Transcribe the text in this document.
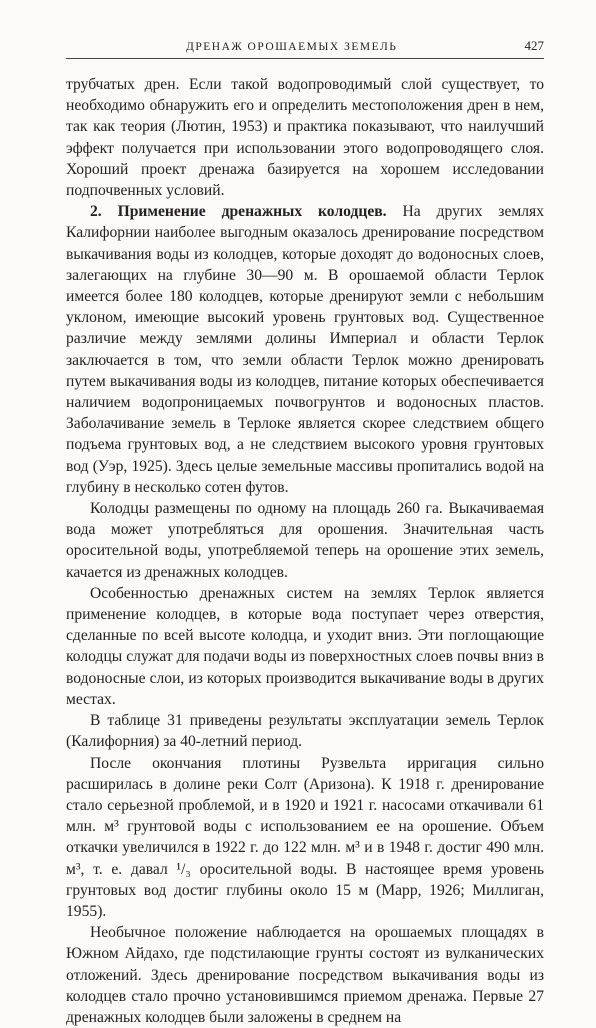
ДРЕНАЖ ОРОШАЕМЫХ ЗЕМЕЛЬ	427

трубчатых дрен. Если такой водопроводимый слой существует, то необходимо обнаружить его и определить местоположения дрен в нем, так как теория (Лютин, 1953) и практика показывают, что наилучший эффект получается при использовании этого водопроводящего слоя. Хороший проект дренажа базируется на хорошем исследовании подпочвенных условий.

2. Применение дренажных колодцев. На других землях Калифорнии наиболее выгодным оказалось дренирование посредством выкачивания воды из колодцев, которые доходят до водоносных слоев, залегающих на глубине 30—90 м. В орошаемой области Терлок имеется более 180 колодцев, которые дренируют земли с небольшим уклоном, имеющие высокий уровень грунтовых вод. Существенное различие между землями долины Империал и области Терлок заключается в том, что земли области Терлок можно дренировать путем выкачивания воды из колодцев, питание которых обеспечивается наличием водопроницаемых почвогрунтов и водоносных пластов. Заболачивание земель в Терлоке является скорее следствием общего подъема грунтовых вод, а не следствием высокого уровня грунтовых вод (Уэр, 1925). Здесь целые земельные массивы пропитались водой на глубину в несколько сотен футов.

Колодцы размещены по одному на площадь 260 га. Выкачиваемая вода может употребляться для орошения. Значительная часть оросительной воды, употребляемой теперь на орошение этих земель, качается из дренажных колодцев.

Особенностью дренажных систем на землях Терлок является применение колодцев, в которые вода поступает через отверстия, сделанные по всей высоте колодца, и уходит вниз. Эти поглощающие колодцы служат для подачи воды из поверхностных слоев почвы вниз в водоносные слои, из которых производится выкачивание воды в других местах.

В таблице 31 приведены результаты эксплуатации земель Терлок (Калифорния) за 40-летний период.

После окончания плотины Рузвельта ирригация сильно расширилась в долине реки Солт (Аризона). К 1918 г. дренирование стало серьезной проблемой, и в 1920 и 1921 г. насосами откачивали 61 млн. м³ грунтовой воды с использованием ее на орошение. Объем откачки увеличился в 1922 г. до 122 млн. м³ и в 1948 г. достиг 490 млн. м³, т. е. давал ¹/₃ оросительной воды. В настоящее время уровень грунтовых вод достиг глубины около 15 м (Марр, 1926; Миллиган, 1955).

Необычное положение наблюдается на орошаемых площадях в Южном Айдахо, где подстилающие грунты состоят из вулканических отложений. Здесь дренирование посредством выкачивания воды из колодцев стало прочно установившимся приемом дренажа. Первые 27 дренажных колодцев были заложены в среднем на
